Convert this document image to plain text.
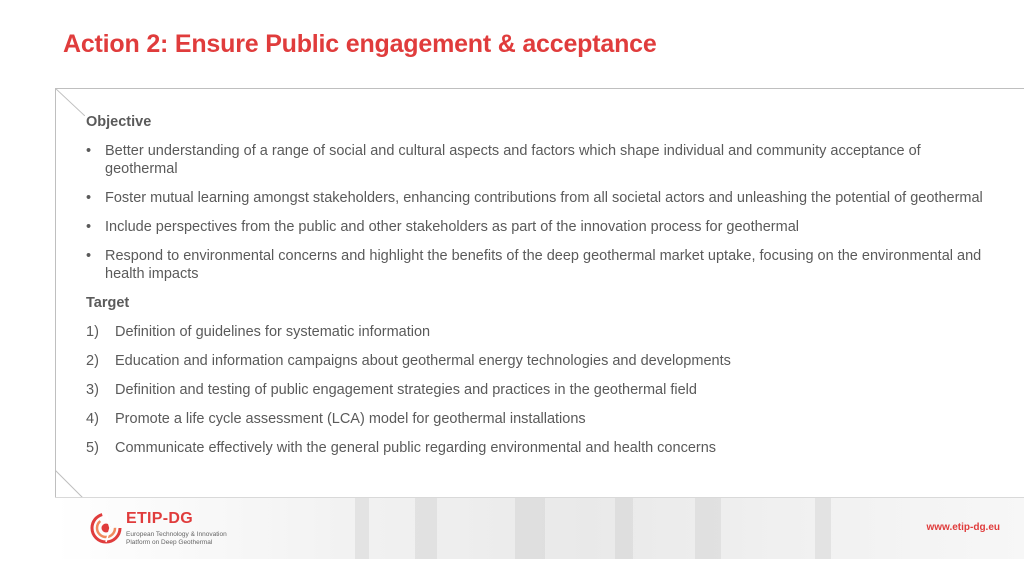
Action 2: Ensure Public engagement & acceptance
Objective
• Better understanding of a range of social and cultural aspects and factors which shape individual and community acceptance of geothermal
• Foster mutual learning amongst stakeholders, enhancing contributions from all societal actors and unleashing the potential of geothermal
• Include perspectives from the public and other stakeholders as part of the innovation process for geothermal
• Respond to environmental concerns and highlight the benefits of the deep geothermal market uptake, focusing on the environmental and health impacts
Target
1) Definition of guidelines for systematic information
2) Education and information campaigns about geothermal energy technologies and developments
3) Definition and testing of public engagement strategies and practices in the geothermal field
4) Promote a life cycle assessment (LCA) model for geothermal installations
5) Communicate effectively with the general public regarding environmental and health concerns
ETIP-DG
European Technology & Innovation
Platform on Deep Geothermal
www.etip-dg.eu
